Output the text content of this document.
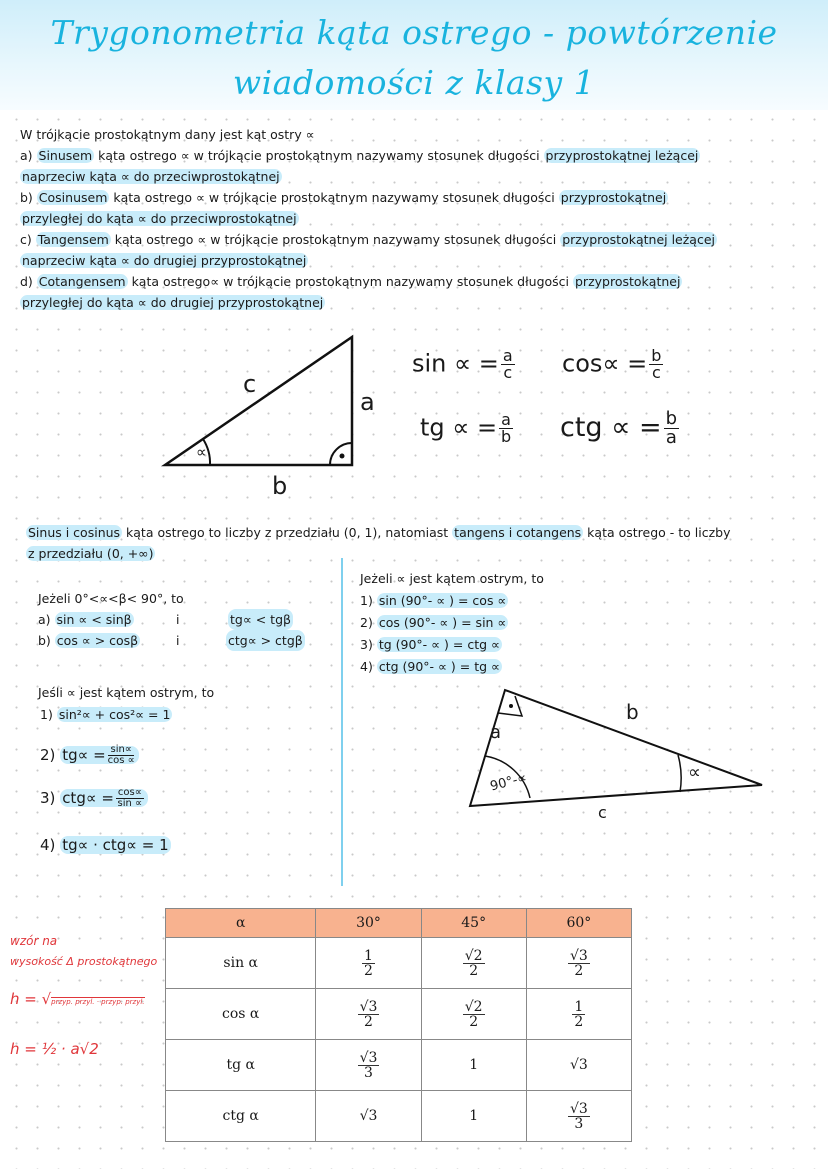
Trygonometria kąta ostrego - powtórzenie
wiadomości z klasy 1
W trójkącie prostokątnym dany jest kąt ostry ∝
a) Sinusem kąta ostrego ∝ w trójkącie prostokątnym nazywamy stosunek długości przyprostokątnej leżącej
naprzeciw kąta ∝ do przeciwprostokątnej
b) Cosinusem kąta ostrego ∝ w trójkącie prostokątnym nazywamy stosunek długości przyprostokątnej
przyległej do kąta ∝ do przeciwprostokątnej
c) Tangensem kąta ostrego ∝ w trójkącie prostokątnym nazywamy stosunek długości przyprostokątnej leżącej
naprzeciw kąta ∝ do drugiej przyprostokątnej
d) Cotangensem kąta ostrego∝ w trójkącie prostokątnym nazywamy stosunek długości przyprostokątnej
przyległej do kąta ∝ do drugiej przyprostokątnej
c
a
b
∝
sin ∝ = $\frac{a}{c} \cos\propto = \frac{b}{c}$
tg ∝ = $\frac{a}{b}$ ctg ∝ = $\frac{b}{a}$
Sinus i cosinus kąta ostrego to liczby z przedziału (0, 1), natomiast tangens i cotangens kąta ostrego - to liczby
z przedziału (0, +∞)
Jeżeli 0°<∝<β< 90°, to
a) sin ∝ < sinβ	i	tg∝ < tgβ
b) cos ∝ > cosβ	i	ctg∝ > ctgβ
Jeżeli ∝ jest kątem ostrym, to
1) sin (90°- ∝ ) = cos ∝
2) cos (90°- ∝ ) = sin ∝
3) tg (90°- ∝ ) = ctg ∝
4) ctg (90°- ∝ ) = tg ∝
Jeśli ∝ jest kątem ostrym, to
1) sin²∝ + cos²∝ = 1
2) $tg\propto = \frac{\sin\propto}{\cos \propto}$
3) $ctg\propto = \frac{\cos\propto}{\sin \propto}$
4) tg∝ · ctg∝ = 1
a
b
c
90°-∝	∝
wzór na
wysokość Δ prostokątnego
h = √przyp. przyl. · przyp. przyl.
h = ½ · a√2
α	30°	45°	60°
sin α	$\frac{1}{2}$	$\frac{√2}{2}$	$\frac{√3}{2}$

cos α	$\frac{√3}{2}$	$\frac{√2}{2}$	$\frac{1}{2}$

tg α	$\frac{√3}{3}$	1	√3
ctg α	√3	1	$\frac{√3}{3}$
